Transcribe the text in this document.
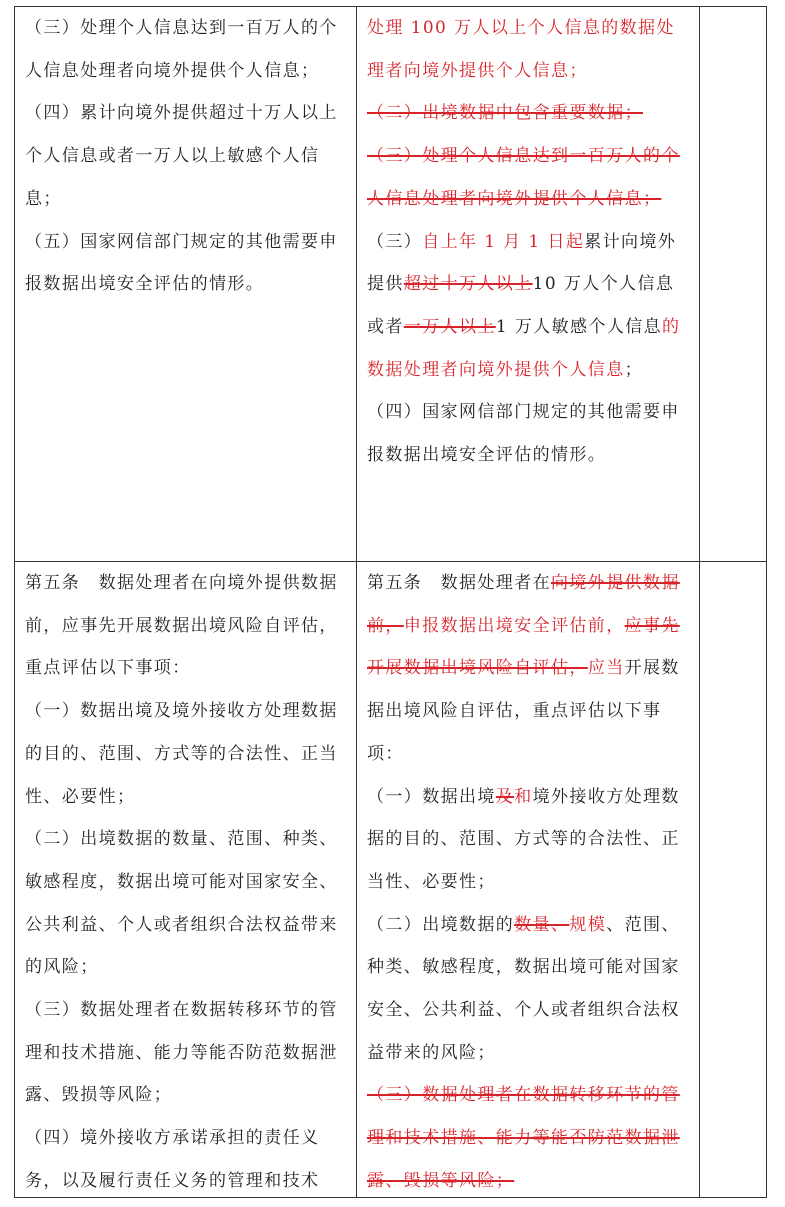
（三）处理个人信息达到一百万人的个人信息处理者向境外提供个人信息；

（四）累计向境外提供超过十万人以上个人信息或者一万人以上敏感个人信息；

（五）国家网信部门规定的其他需要申报数据出境安全评估的情形。

处理 100 万人以上个人信息的数据处理者向境外提供个人信息；

（二）出境数据中包含重要数据；

（三）处理个人信息达到一百万人的个人信息处理者向境外提供个人信息；

（三）自上年 1 月 1 日起累计向境外提供超过十万人以上10 万人个人信息或者一万人以上1 万人敏感个人信息的数据处理者向境外提供个人信息；

（四）国家网信部门规定的其他需要申报数据出境安全评估的情形。

第五条　数据处理者在向境外提供数据前，应事先开展数据出境风险自评估，重点评估以下事项：

（一）数据出境及境外接收方处理数据的目的、范围、方式等的合法性、正当性、必要性；

（二）出境数据的数量、范围、种类、敏感程度，数据出境可能对国家安全、公共利益、个人或者组织合法权益带来的风险；

（三）数据处理者在数据转移环节的管理和技术措施、能力等能否防范数据泄露、毁损等风险；

（四）境外接收方承诺承担的责任义务，以及履行责任义务的管理和技术

第五条　数据处理者在向境外提供数据前，申报数据出境安全评估前，应事先开展数据出境风险自评估，应当开展数据出境风险自评估，重点评估以下事项：

（一）数据出境及和境外接收方处理数据的目的、范围、方式等的合法性、正当性、必要性；

（二）出境数据的数量、规模、范围、种类、敏感程度，数据出境可能对国家安全、公共利益、个人或者组织合法权益带来的风险；

（三）数据处理者在数据转移环节的管理和技术措施、能力等能否防范数据泄露、毁损等风险；
